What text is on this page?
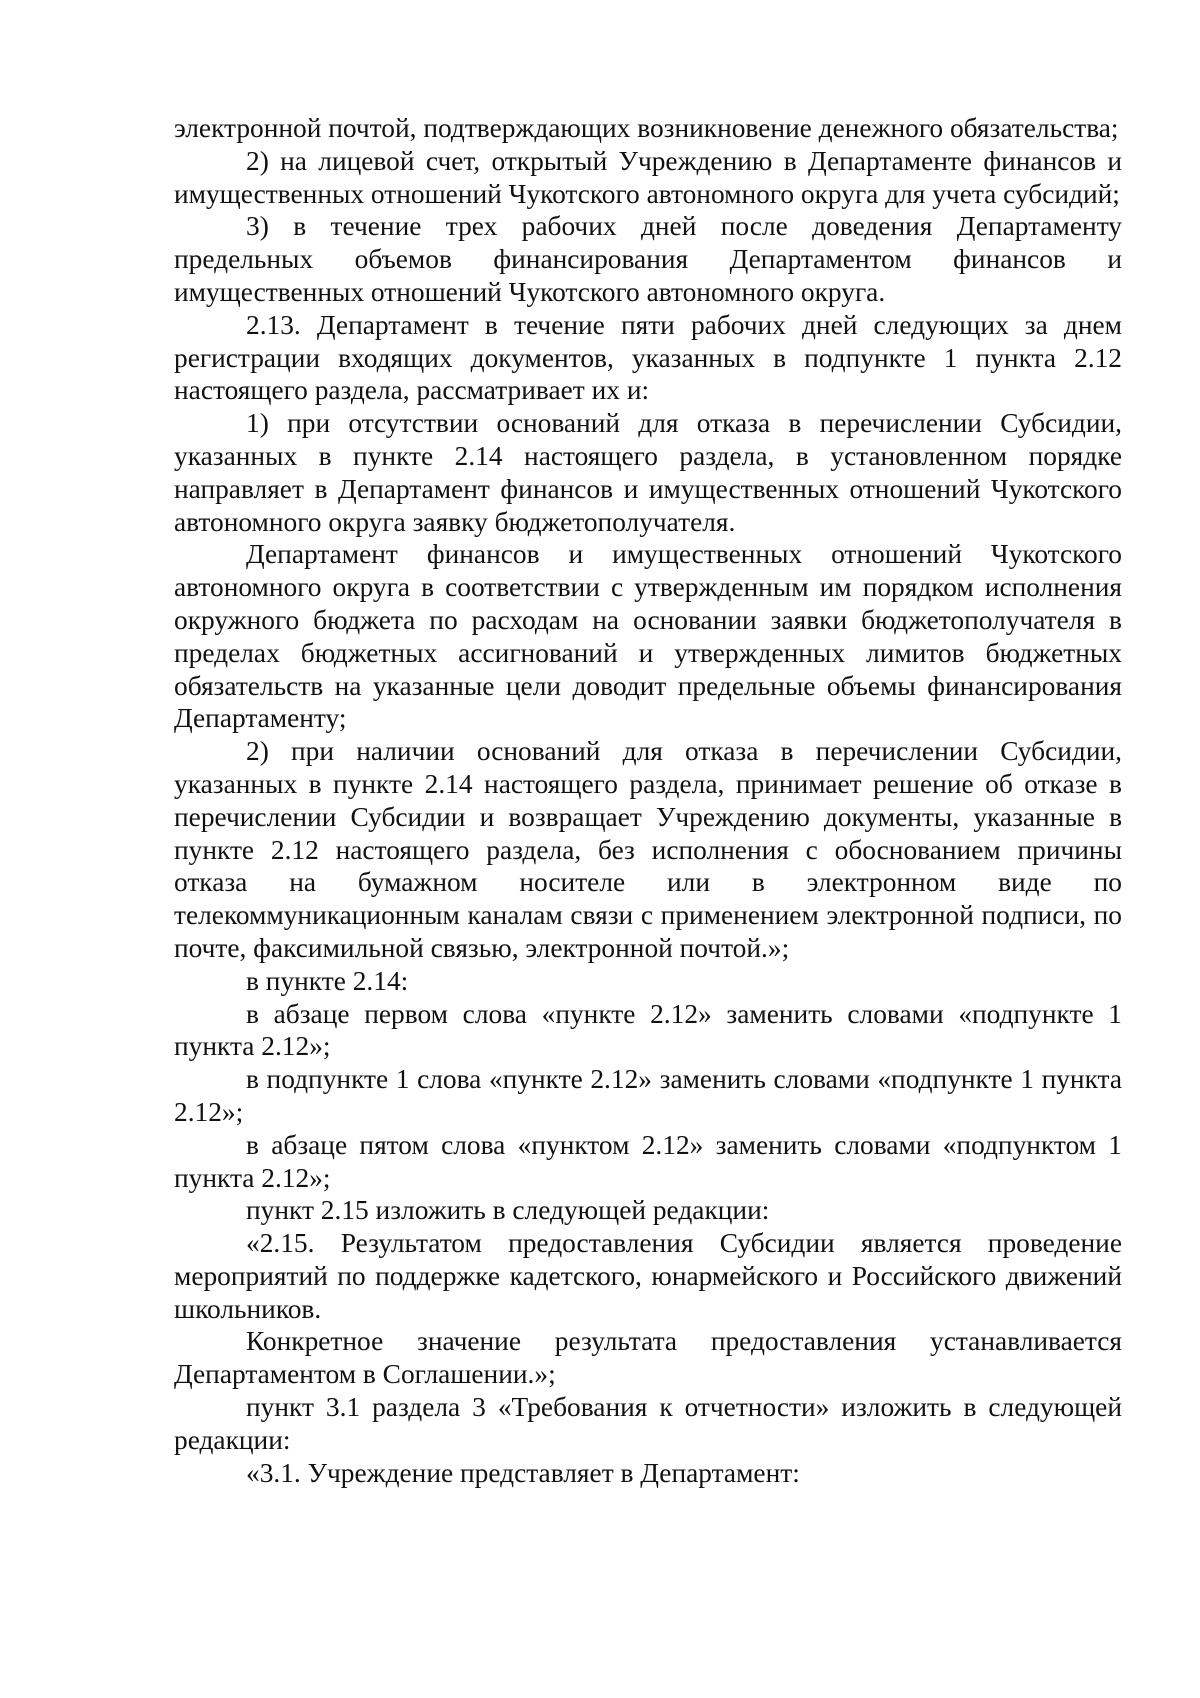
электронной почтой, подтверждающих возникновение денежного обязательства;

2) на лицевой счет, открытый Учреждению в Департаменте финансов и имущественных отношений Чукотского автономного округа для учета субсидий;

3) в течение трех рабочих дней после доведения Департаменту предельных объемов финансирования Департаментом финансов и имущественных отношений Чукотского автономного округа.

2.13. Департамент в течение пяти рабочих дней следующих за днем регистрации входящих документов, указанных в подпункте 1 пункта 2.12 настоящего раздела, рассматривает их и:

1) при отсутствии оснований для отказа в перечислении Субсидии, указанных в пункте 2.14 настоящего раздела, в установленном порядке направляет в Департамент финансов и имущественных отношений Чукотского автономного округа заявку бюджетополучателя.

Департамент финансов и имущественных отношений Чукотского автономного округа в соответствии с утвержденным им порядком исполнения окружного бюджета по расходам на основании заявки бюджетополучателя в пределах бюджетных ассигнований и утвержденных лимитов бюджетных обязательств на указанные цели доводит предельные объемы финансирования Департаменту;

2) при наличии оснований для отказа в перечислении Субсидии, указанных в пункте 2.14 настоящего раздела, принимает решение об отказе в перечислении Субсидии и возвращает Учреждению документы, указанные в пункте 2.12 настоящего раздела, без исполнения с обоснованием причины отказа на бумажном носителе или в электронном виде по телекоммуникационным каналам связи с применением электронной подписи, по почте, факсимильной связью, электронной почтой.»;

в пункте 2.14:

в абзаце первом слова «пункте 2.12» заменить словами «подпункте 1 пункта 2.12»;

в подпункте 1 слова «пункте 2.12» заменить словами «подпункте 1 пункта 2.12»;

в абзаце пятом слова «пунктом 2.12» заменить словами «подпунктом 1 пункта 2.12»;

пункт 2.15 изложить в следующей редакции:

«2.15. Результатом предоставления Субсидии является проведение мероприятий по поддержке кадетского, юнармейского и Российского движений школьников.

Конкретное значение результата предоставления устанавливается Департаментом в Соглашении.»;

пункт 3.1 раздела 3 «Требования к отчетности» изложить в следующей редакции:

«3.1. Учреждение представляет в Департамент:
